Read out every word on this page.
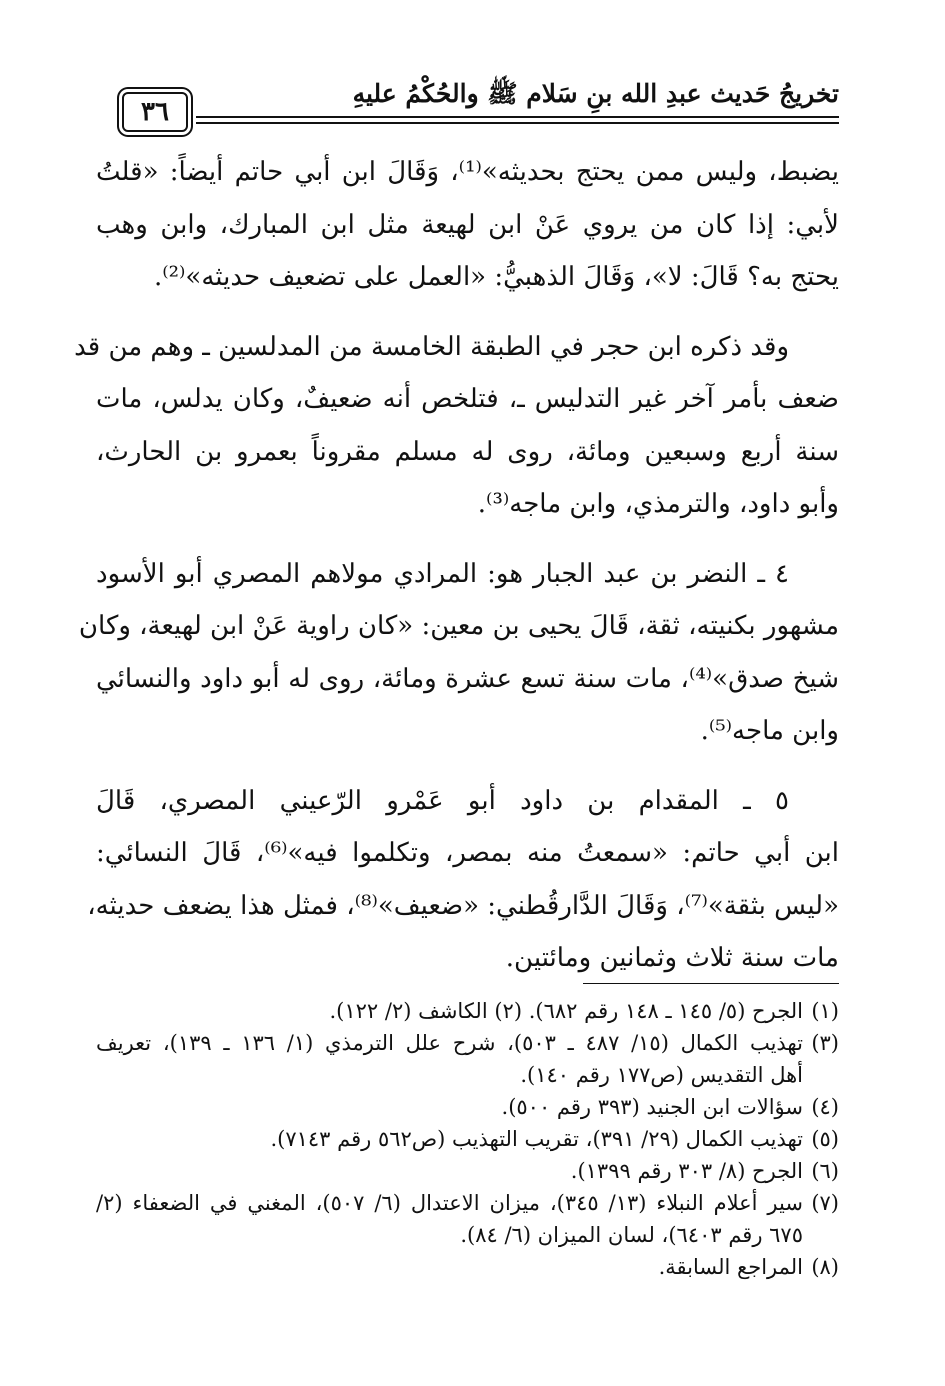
تخريجُ حَديث عبدِ الله بنِ سَلام ﷺ والحُكْمُ عليهِ
٣٦

يضبط، وليس ممن يحتج بحديثه»⁽¹⁾، وَقَالَ ابن أبي حاتم أيضاً: «قلتُ
لأبي: إذا كان من يروي عَنْ ابن لهيعة مثل ابن المبارك، وابن وهب
يحتج به؟ قَالَ: لا»، وَقَالَ الذهبيُّ: «العمل على تضعيف حديثه»⁽²⁾.

وقد ذكره ابن حجر في الطبقة الخامسة من المدلسين ـ وهم من قد
ضعف بأمر آخر غير التدليس ـ، فتلخص أنه ضعيفٌ، وكان يدلس، مات
سنة أربع وسبعين ومائة، روى له مسلم مقروناً بعمرو بن الحارث،
وأبو داود، والترمذي، وابن ماجه⁽³⁾.

٤ ـ النضر بن عبد الجبار هو: المرادي مولاهم المصري أبو الأسود
مشهور بكنيته، ثقة، قَالَ يحيى بن معين: «كان راوية عَنْ ابن لهيعة، وكان
شيخ صدق»⁽⁴⁾، مات سنة تسع عشرة ومائة، روى له أبو داود والنسائي
وابن ماجه⁽⁵⁾.

٥ ـ المقدام بن داود أبو عَمْرو الرّعيني المصري، قَالَ
ابن أبي حاتم: «سمعتُ منه بمصر، وتكلموا فيه»⁽⁶⁾، قَالَ النسائي:
«ليس بثقة»⁽⁷⁾، وَقَالَ الدَّارقُطني: «ضعيف»⁽⁸⁾، فمثل هذا يضعف حديثه،
مات سنة ثلاث وثمانين ومائتين.

(١)
الجرح (٥/ ١٤٥ ـ ١٤٨ رقم ٦٨٢). (٢) الكاشف (٢/ ١٢٢).

(٣)
تهذيب الكمال (١٥/ ٤٨٧ ـ ٥٠٣)، شرح علل الترمذي (١/ ١٣٦ ـ ١٣٩)، تعريف
أهل التقديس (ص١٧٧ رقم ١٤٠).

(٤)
سؤالات ابن الجنيد (٣٩٣ رقم ٥٠٠).

(٥)
تهذيب الكمال (٢٩/ ٣٩١)، تقريب التهذيب (ص٥٦٢ رقم ٧١٤٣).

(٦)
الجرح (٨/ ٣٠٣ رقم ١٣٩٩).

(٧)
سير أعلام النبلاء (١٣/ ٣٤٥)، ميزان الاعتدال (٦/ ٥٠٧)، المغني في الضعفاء (٢/
٦٧٥ رقم ٦٤٠٣)، لسان الميزان (٦/ ٨٤).

(٨)
المراجع السابقة.
